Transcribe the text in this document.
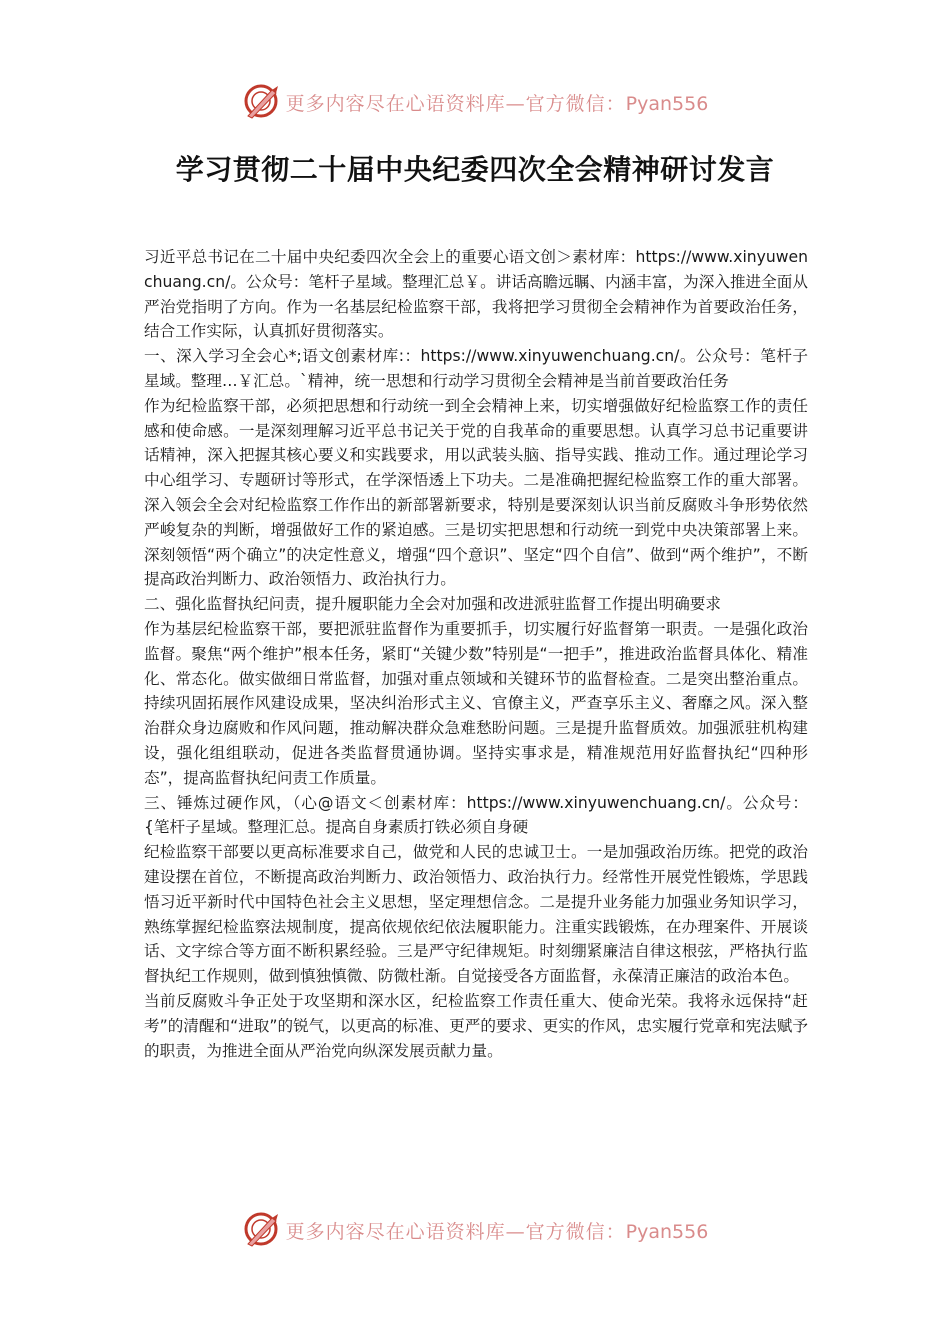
更多内容尽在心语资料库—官方微信：Pyan556
学习贯彻二十届中央纪委四次全会精神研讨发言

习近平总书记在二十届中央纪委四次全会上的重要心语文创＞素材库：https://www.xinyuwenchuang.cn/。公众号：笔杆子星域。整理汇总￥。讲话高瞻远瞩、内涵丰富，为深入推进全面从严治党指明了方向。作为一名基层纪检监察干部，我将把学习贯彻全会精神作为首要政治任务，结合工作实际，认真抓好贯彻落实。

一、深入学习全会心*;语文创素材库:：https://www.xinyuwenchuang.cn/。公众号：笔杆子星域。整理…￥汇总。`精神，统一思想和行动学习贯彻全会精神是当前首要政治任务

作为纪检监察干部，必须把思想和行动统一到全会精神上来，切实增强做好纪检监察工作的责任感和使命感。一是深刻理解习近平总书记关于党的自我革命的重要思想。认真学习总书记重要讲话精神，深入把握其核心要义和实践要求，用以武装头脑、指导实践、推动工作。通过理论学习中心组学习、专题研讨等形式，在学深悟透上下功夫。二是准确把握纪检监察工作的重大部署。深入领会全会对纪检监察工作作出的新部署新要求，特别是要深刻认识当前反腐败斗争形势依然严峻复杂的判断，增强做好工作的紧迫感。三是切实把思想和行动统一到党中央决策部署上来。深刻领悟“两个确立”的决定性意义，增强“四个意识”、坚定“四个自信”、做到“两个维护”，不断提高政治判断力、政治领悟力、政治执行力。

二、强化监督执纪问责，提升履职能力全会对加强和改进派驻监督工作提出明确要求

作为基层纪检监察干部，要把派驻监督作为重要抓手，切实履行好监督第一职责。一是强化政治监督。聚焦“两个维护”根本任务，紧盯“关键少数”特别是“一把手”，推进政治监督具体化、精准化、常态化。做实做细日常监督，加强对重点领域和关键环节的监督检查。二是突出整治重点。持续巩固拓展作风建设成果，坚决纠治形式主义、官僚主义，严查享乐主义、奢靡之风。深入整治群众身边腐败和作风问题，推动解决群众急难愁盼问题。三是提升监督质效。加强派驻机构建设，强化组组联动，促进各类监督贯通协调。坚持实事求是，精准规范用好监督执纪“四种形态”，提高监督执纪问责工作质量。

三、锤炼过硬作风，（心@语文＜创素材库：https://www.xinyuwenchuang.cn/。公众号：{笔杆子星域。整理汇总。提高自身素质打铁必须自身硬

纪检监察干部要以更高标准要求自己，做党和人民的忠诚卫士。一是加强政治历练。把党的政治建设摆在首位，不断提高政治判断力、政治领悟力、政治执行力。经常性开展党性锻炼，学思践悟习近平新时代中国特色社会主义思想，坚定理想信念。二是提升业务能力加强业务知识学习，熟练掌握纪检监察法规制度，提高依规依纪依法履职能力。注重实践锻炼，在办理案件、开展谈话、文字综合等方面不断积累经验。三是严守纪律规矩。时刻绷紧廉洁自律这根弦，严格执行监督执纪工作规则，做到慎独慎微、防微杜渐。自觉接受各方面监督，永葆清正廉洁的政治本色。

当前反腐败斗争正处于攻坚期和深水区，纪检监察工作责任重大、使命光荣。我将永远保持“赶考”的清醒和“进取”的锐气，以更高的标准、更严的要求、更实的作风，忠实履行党章和宪法赋予的职责，为推进全面从严治党向纵深发展贡献力量。

更多内容尽在心语资料库—官方微信：Pyan556
